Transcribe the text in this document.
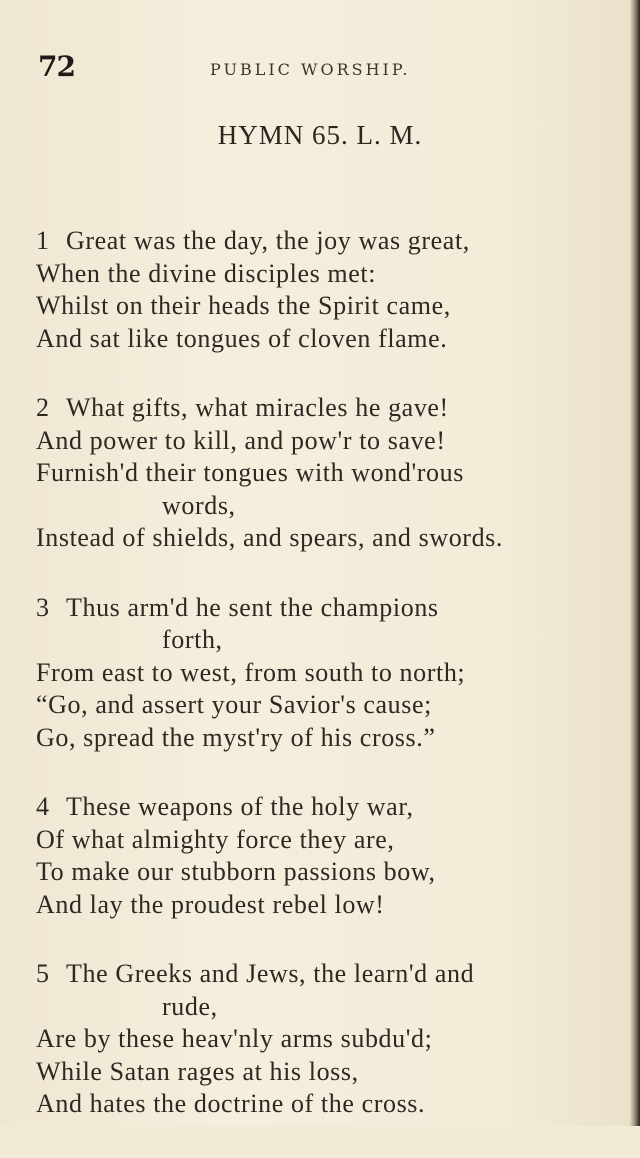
72	PUBLIC WORSHIP.
HYMN 65. L. M.
1 Great was the day, the joy was great,
When the divine disciples met:
Whilst on their heads the Spirit came,
And sat like tongues of cloven flame.
2 What gifts, what miracles he gave!
And power to kill, and pow'r to save!
Furnish'd their tongues with wond'rous
words,
Instead of shields, and spears, and swords.
3 Thus arm'd he sent the champions
forth,
From east to west, from south to north;
“Go, and assert your Savior's cause;
Go, spread the myst'ry of his cross.”
4 These weapons of the holy war,
Of what almighty force they are,
To make our stubborn passions bow,
And lay the proudest rebel low!
5 The Greeks and Jews, the learn'd and
rude,
Are by these heav'nly arms subdu'd;
While Satan rages at his loss,
And hates the doctrine of the cross.
